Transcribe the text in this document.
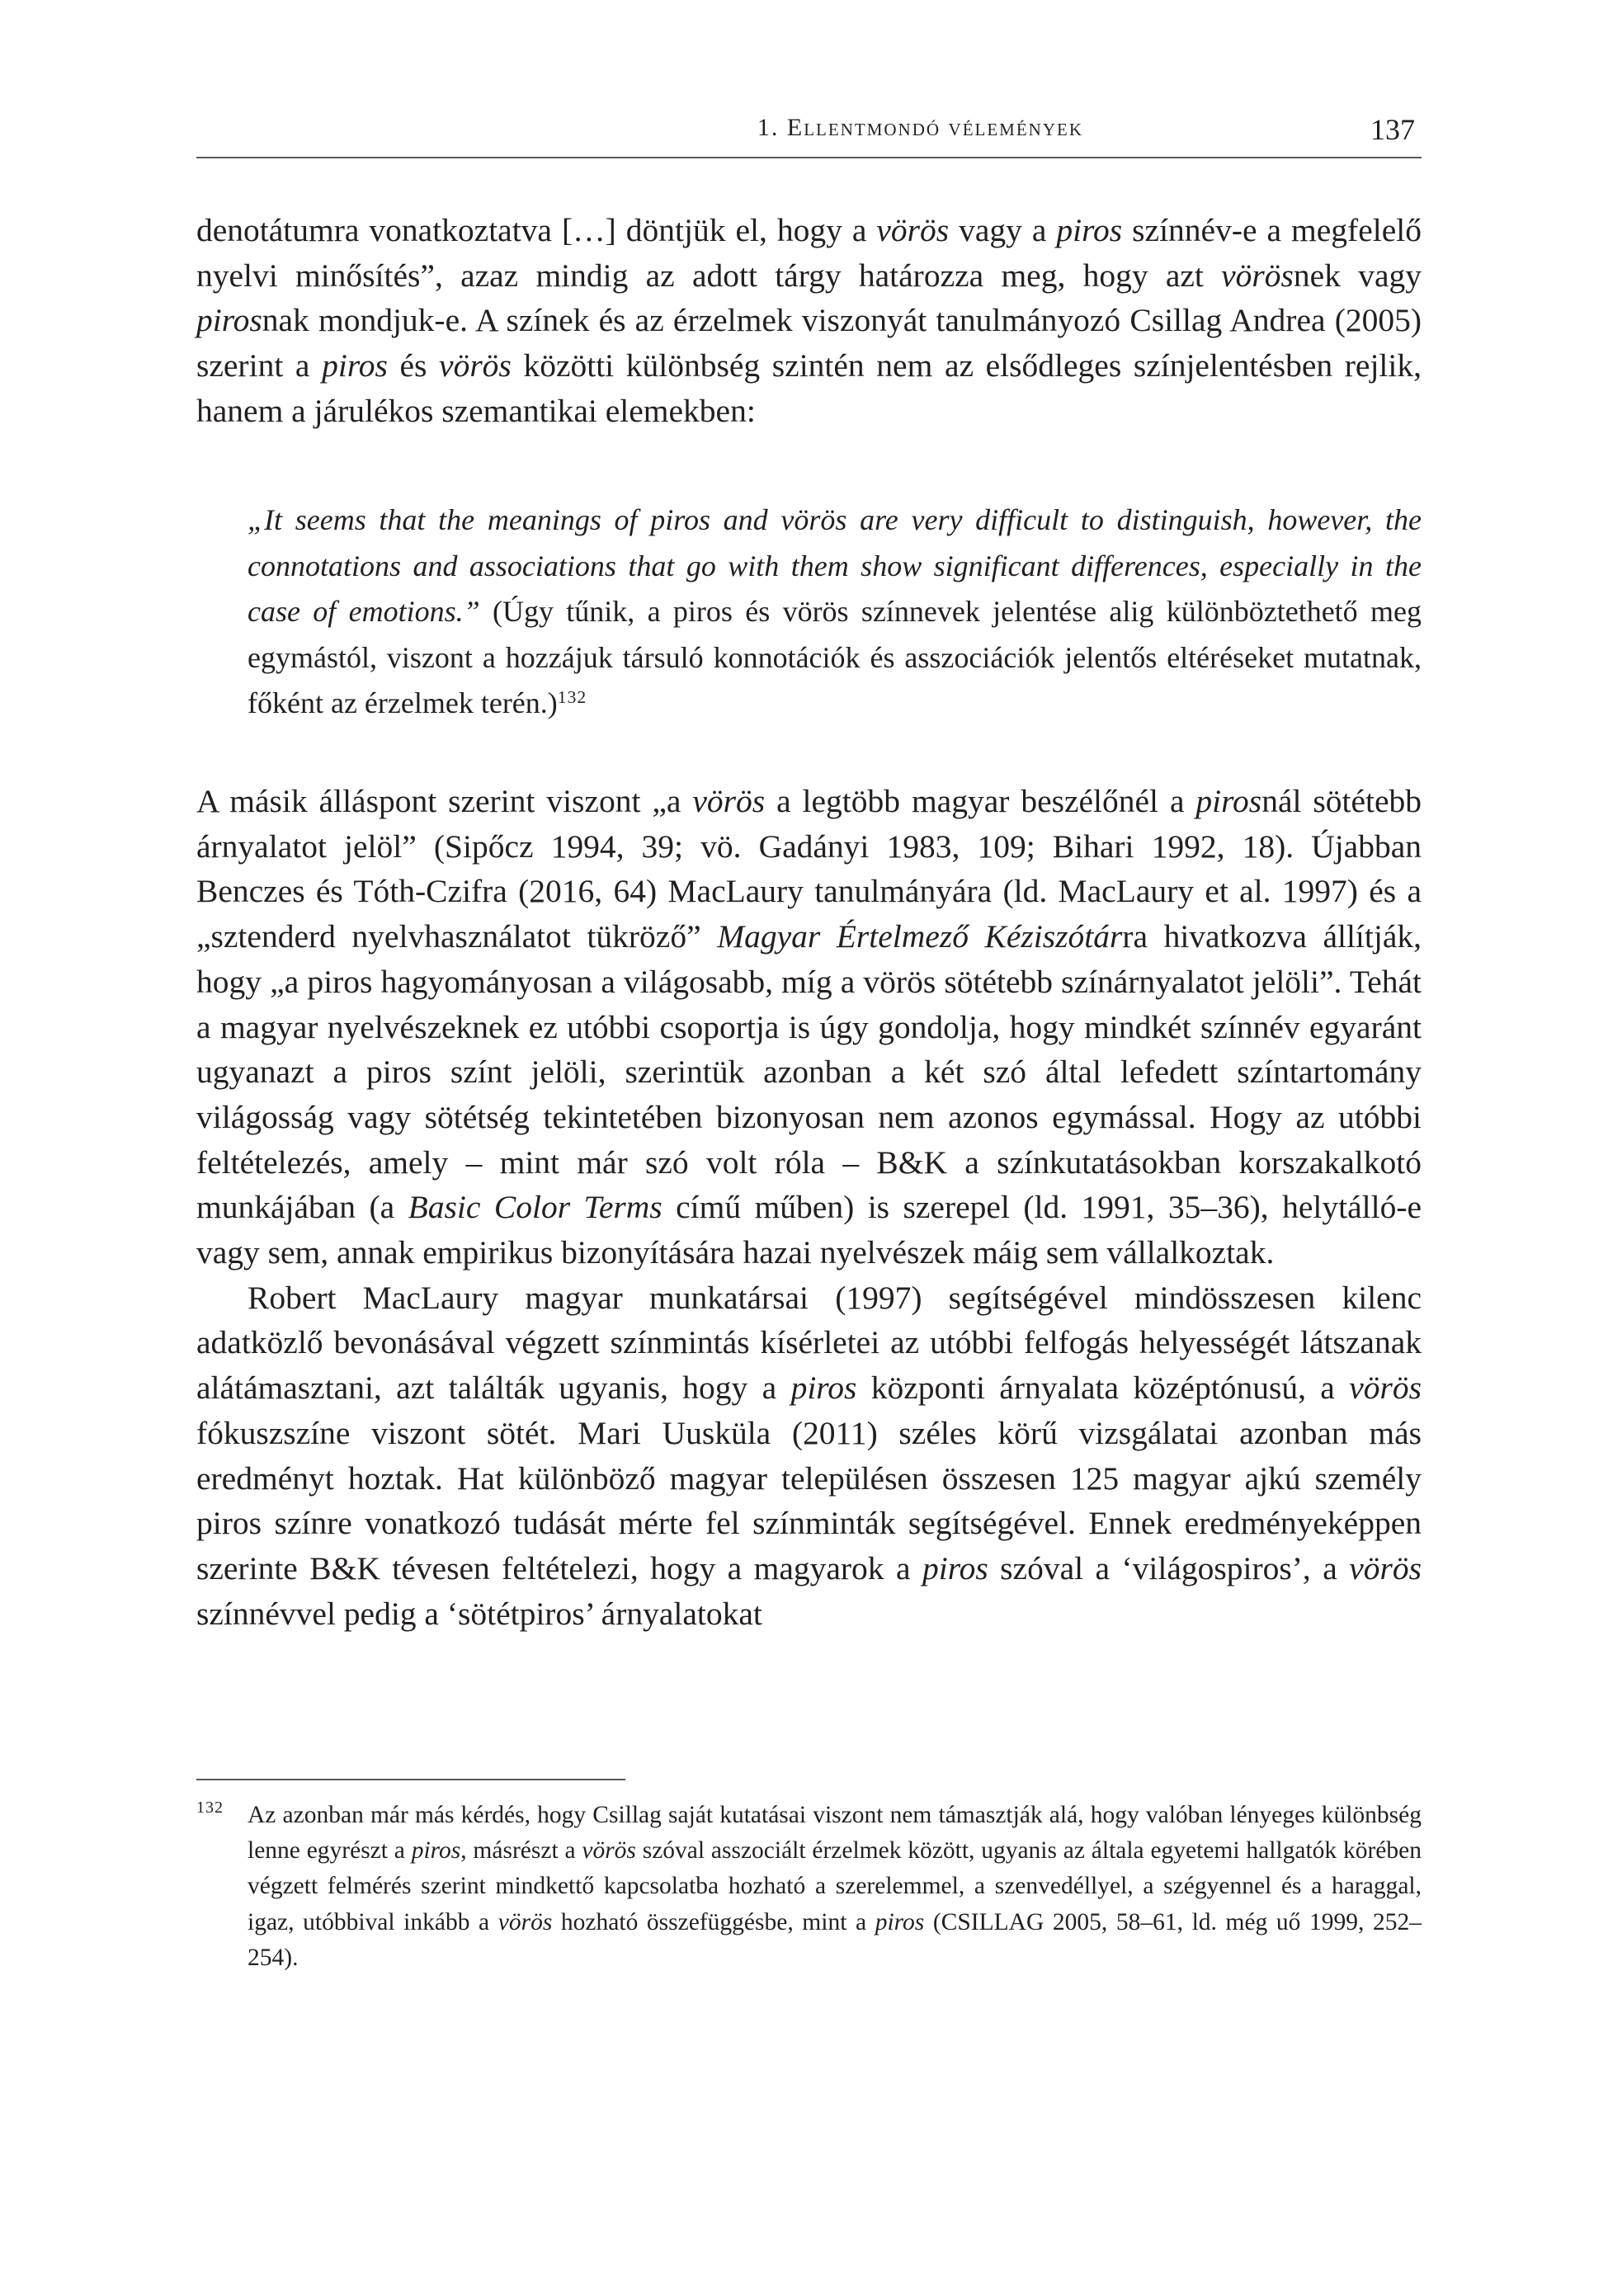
1. Ellentmondó vélemények	137

denotátumra vonatkoztatva […] döntjük el, hogy a vörös vagy a piros színnév-e a megfelelő nyelvi minősítés”, azaz mindig az adott tárgy határozza meg, hogy azt vörösnek vagy pirosnak mondjuk-e. A színek és az érzelmek viszonyát tanulmányozó Csillag Andrea (2005) szerint a piros és vörös közötti különbség szintén nem az elsődleges színjelentésben rejlik, hanem a járulékos szemantikai elemekben:

„It seems that the meanings of piros and vörös are very difficult to distinguish, however, the connotations and associations that go with them show significant differences, especially in the case of emotions.” (Úgy tűnik, a piros és vörös színnevek jelentése alig különböztethető meg egymástól, viszont a hozzájuk társuló konnotációk és asszociációk jelentős eltéréseket mutatnak, főként az érzelmek terén.)$^{132}$

A másik álláspont szerint viszont „a vörös a legtöbb magyar beszélőnél a pirosnál sötétebb árnyalatot jelöl” (Sipőcz 1994, 39; vö. Gadányi 1983, 109; Bihari 1992, 18). Újabban Benczes és Tóth-Czifra (2016, 64) MacLaury tanulmányára (ld. MacLaury et al. 1997) és a „sztenderd nyelvhasználatot tükröző” Magyar Értelmező Kéziszótárra hivatkozva állítják, hogy „a piros hagyományosan a világosabb, míg a vörös sötétebb színárnyalatot jelöli”. Tehát a magyar nyelvészeknek ez utóbbi csoportja is úgy gondolja, hogy mindkét színnév egyaránt ugyanazt a piros színt jelöli, szerintük azonban a két szó által lefedett színtartomány világosság vagy sötétség tekintetében bizonyosan nem azonos egymással. Hogy az utóbbi feltételezés, amely – mint már szó volt róla – B&K a színkutatásokban korszakalkotó munkájában (a Basic Color Terms című műben) is szerepel (ld. 1991, 35–36), helytálló-e vagy sem, annak empirikus bizonyítására hazai nyelvészek máig sem vállalkoztak.

Robert MacLaury magyar munkatársai (1997) segítségével mindösszesen kilenc adatközlő bevonásával végzett színmintás kísérletei az utóbbi felfogás helyességét látszanak alátámasztani, azt találták ugyanis, hogy a piros központi árnyalata középtónusú, a vörös fókuszszíne viszont sötét. Mari Uusküla (2011) széles körű vizsgálatai azonban más eredményt hoztak. Hat különböző magyar településen összesen 125 magyar ajkú személy piros színre vonatkozó tudását mérte fel színminták segítségével. Ennek eredményeképpen szerinte B&K tévesen feltételezi, hogy a magyarok a piros szóval a ‘világospiros’, a vörös színnévvel pedig a ‘sötétpiros’ árnyalatokat

132 Az azonban már más kérdés, hogy Csillag saját kutatásai viszont nem támasztják alá, hogy valóban lényeges különbség lenne egyrészt a piros, másrészt a vörös szóval asszociált érzelmek között, ugyanis az általa egyetemi hallgatók körében végzett felmérés szerint mindkettő kapcsolatba hozható a szerelemmel, a szenvedéllyel, a szégyennel és a haraggal, igaz, utóbbival inkább a vörös hozható összefüggésbe, mint a piros (CSILLAG 2005, 58–61, ld. még uő 1999, 252–254).
